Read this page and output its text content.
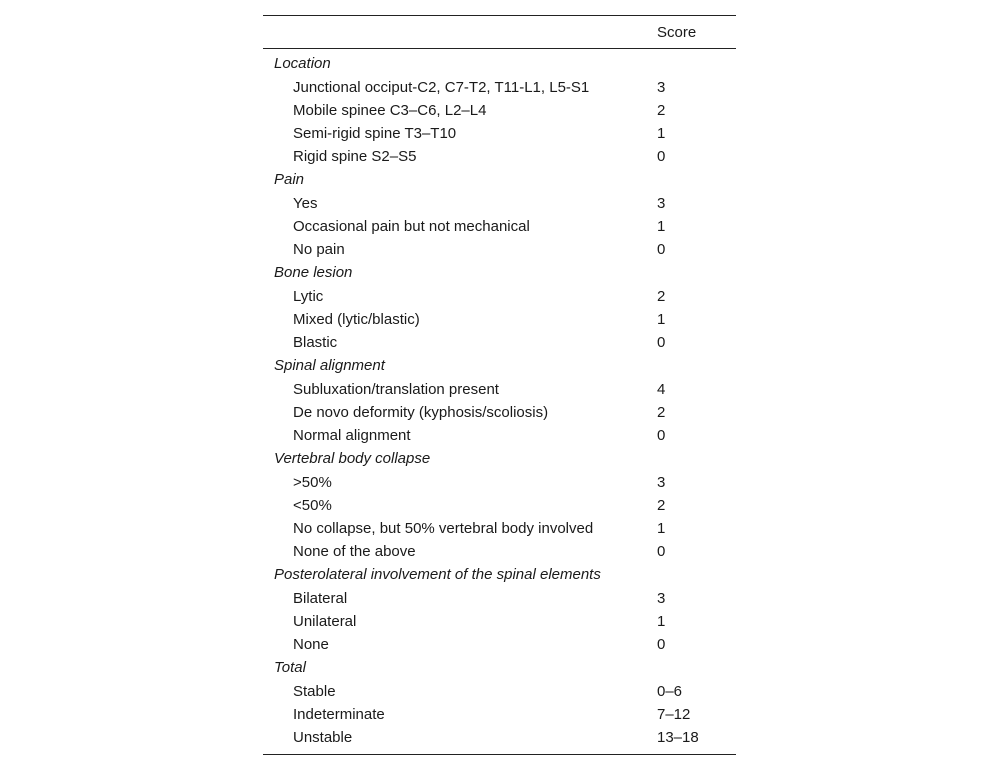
Score
Location
Junctional occiput-C2, C7-T2, T11-L1, L5-S1	3
Mobile spinee C3–C6, L2–L4	2
Semi-rigid spine T3–T10	1
Rigid spine S2–S5	0
Pain
Yes	3
Occasional pain but not mechanical	1
No pain	0
Bone lesion
Lytic	2
Mixed (lytic/blastic)	1
Blastic	0
Spinal alignment
Subluxation/translation present	4
De novo deformity (kyphosis/scoliosis)	2
Normal alignment	0
Vertebral body collapse
>50%	3
<50%	2
No collapse, but 50% vertebral body involved	1
None of the above	0
Posterolateral involvement of the spinal elements
Bilateral	3
Unilateral	1
None	0
Total
Stable	0–6
Indeterminate	7–12
Unstable	13–18
